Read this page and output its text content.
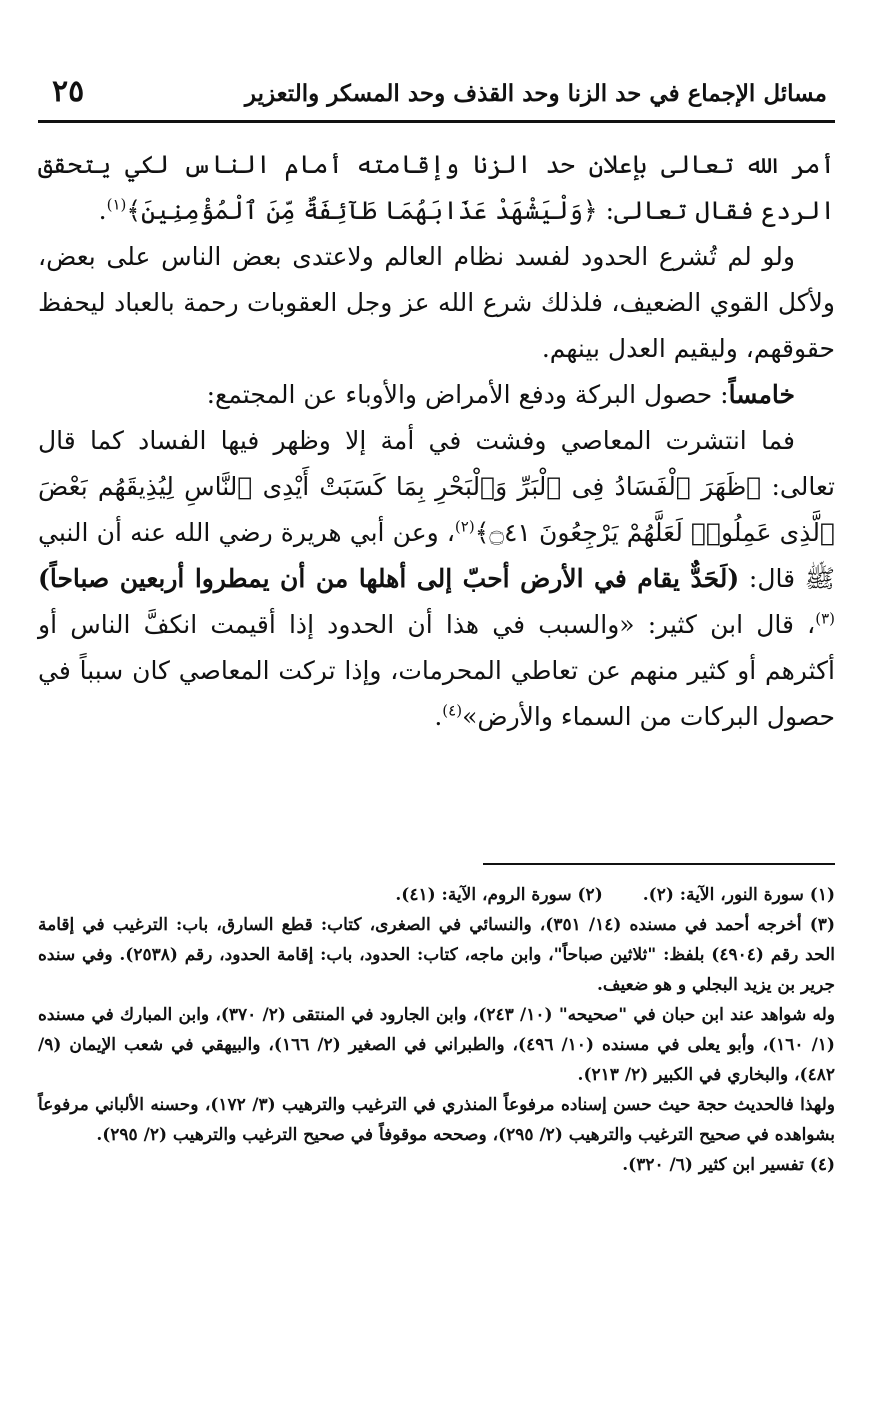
مسائل الإجماع في حد الزنا وحد القذف وحد المسكر والتعزير
٢٥

أمر الله تعالى بإعلان حد الزنا وإقامته أمام الناس لكي يتحقق الردع فقال تعالى: ﴿وَلْيَشْهَدْ عَذَابَهُمَا طَآئِفَةٌ مِّنَ ٱلْمُؤْمِنِينَ﴾$^{(١)}$.

ولو لم تُشرع الحدود لفسد نظام العالم ولاعتدى بعض الناس على بعض، ولأكل القوي الضعيف، فلذلك شرع الله عز وجل العقوبات رحمة بالعباد ليحفظ حقوقهم، وليقيم العدل بينهم.

خامساً: حصول البركة ودفع الأمراض والأوباء عن المجتمع:

فما انتشرت المعاصي وفشت في أمة إلا وظهر فيها الفساد كما قال تعالى: ﴿ظَهَرَ ٱلْفَسَادُ فِى ٱلْبَرِّ وَٱلْبَحْرِ بِمَا كَسَبَتْ أَيْدِى ٱلنَّاسِ لِيُذِيقَهُم بَعْضَ ٱلَّذِى عَمِلُوا۟ لَعَلَّهُمْ يَرْجِعُونَ ۝٤١﴾$^{(٢)}$، وعن أبي هريرة رضي الله عنه أن النبي ﷺ قال: (لَحَدٌّ يقام في الأرض أحبّ إلى أهلها من أن يمطروا أربعين صباحاً)$^{(٣)}$، قال ابن كثير: «والسبب في هذا أن الحدود إذا أقيمت انكفَّ الناس أو أكثرهم أو كثير منهم عن تعاطي المحرمات، وإذا تركت المعاصي كان سبباً في حصول البركات من السماء والأرض»$^{(٤)}$.

(١) سورة النور، الآية: (٢).
(٢) سورة الروم، الآية: (٤١).

(٣) أخرجه أحمد في مسنده (١٤/ ٣٥١)، والنسائي في الصغرى، كتاب: قطع السارق، باب: الترغيب في إقامة الحد رقم (٤٩٠٤) بلفظ: "ثلاثين صباحاً"، وابن ماجه، كتاب: الحدود، باب: إقامة الحدود، رقم (٢٥٣٨). وفي سنده جرير بن يزيد البجلي و هو ضعيف.

وله شواهد عند ابن حبان في "صحيحه" (١٠/ ٢٤٣)، وابن الجارود في المنتقى (٢/ ٣٧٠)، وابن المبارك في مسنده (١/ ١٦٠)، وأبو يعلى في مسنده (١٠/ ٤٩٦)، والطبراني في الصغير (٢/ ١٦٦)، والبيهقي في شعب الإيمان (٩/ ٤٨٢)، والبخاري في الكبير (٢/ ٢١٣).

ولهذا فالحديث حجة حيث حسن إسناده مرفوعاً المنذري في الترغيب والترهيب (٣/ ١٧٢)، وحسنه الألباني مرفوعاً بشواهده في صحيح الترغيب والترهيب (٢/ ٢٩٥)، وصححه موقوفاً في صحيح الترغيب والترهيب (٢/ ٢٩٥).

(٤) تفسير ابن كثير (٦/ ٣٢٠).
